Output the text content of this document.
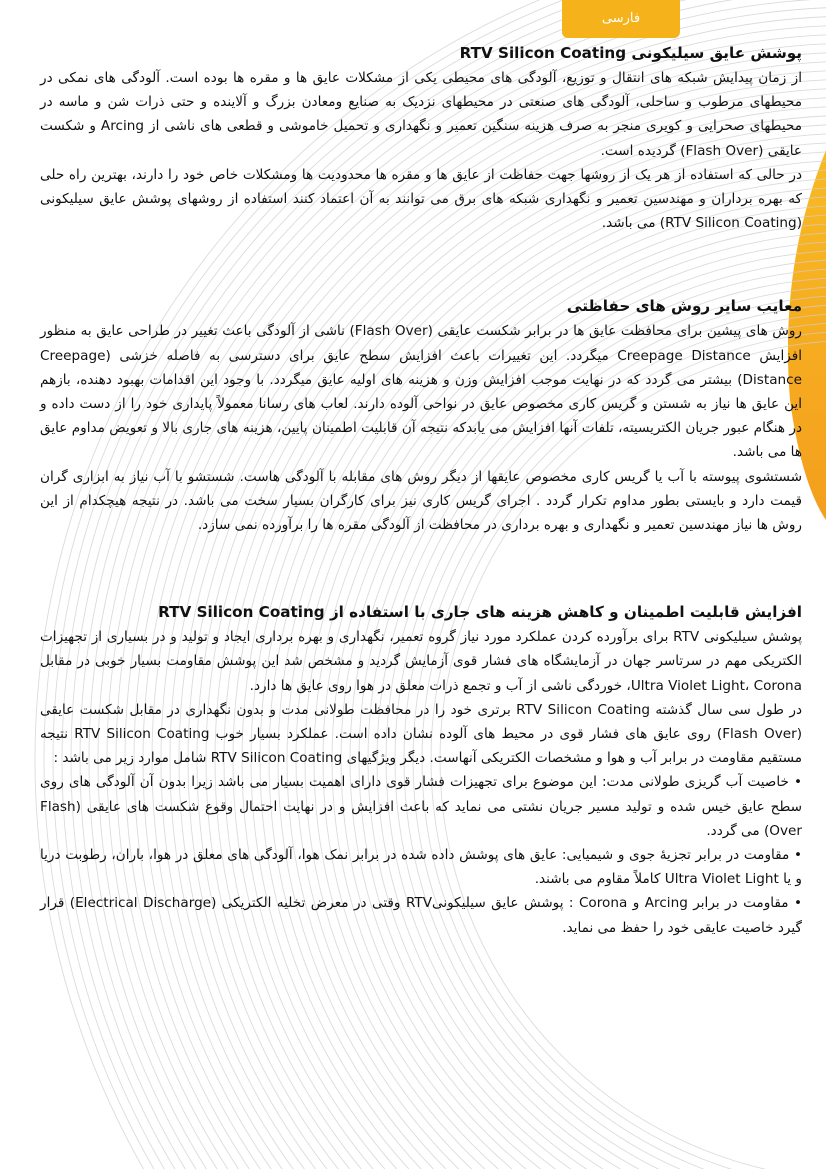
فارسی
پوشش عایق سیلیکونی RTV Silicon Coating

از زمان پیدایش شبکه های انتقال و توزیع، آلودگی های محیطی یکی از مشکلات عایق ها و مقره ها بوده است. آلودگی های نمکی در محیطهای مرطوب و ساحلی، آلودگی های صنعتی در محیطهای نزدیک به صنایع ومعادن بزرگ و آلاینده و حتی ذرات شن و ماسه در محیطهای صحرایی و کویری منجر به صرف هزینه سنگین تعمیر و نگهداری و تحمیل خاموشی و قطعی های ناشی از Arcing و شکست عایقی (Flash Over) گردیده است.

در حالی که استفاده از هر یک از روشها جهت حفاظت از عایق ها و مقره ها محدودیت ها ومشکلات خاص خود را دارند، بهترین راه حلی که بهره برداران و مهندسین تعمیر و نگهداری شبکه های برق می توانند به آن اعتماد کنند استفاده از روشهای پوشش عایق سیلیکونی (RTV Silicon Coating) می باشد.

معایب سایر روش های حفاظتی

روش های پیشین برای محافظت عایق ها در برابر شکست عایقی (Flash Over) ناشی از آلودگی باعث تغییر در طراحی عایق به منظور افزایش Creepage Distance میگردد. این تغییرات باعث افزایش سطح عایق برای دسترسی به فاصله خزشی (Creepage Distance) بیشتر می گردد که در نهایت موجب افزایش وزن و هزینه های اولیه عایق میگردد. با وجود این اقدامات بهبود دهنده، بازهم این عایق ها نیاز به شستن و گریس کاری مخصوص عایق در نواحی آلوده دارند. لعاب های رسانا معمولاً پایداری خود را از دست داده و در هنگام عبور جریان الکتریسیته، تلفات آنها افزایش می یابدکه نتیجه آن قابلیت اطمینان پایین، هزینه های جاری بالا و تعویض مداوم عایق ها می باشد.

شستشوی پیوسته با آب یا گریس کاری مخصوص عایقها از دیگر روش های مقابله با آلودگی هاست. شستشو با آب نیاز به ابزاری گران قیمت دارد و بایستی بطور مداوم تکرار گردد . اجرای گریس کاری نیز برای کارگران بسیار سخت می باشد. در نتیجه هیچکدام از این روش ها نیاز مهندسین تعمیر و نگهداری و بهره برداری در محافظت از آلودگی مقره ها را برآورده نمی سازد.

افزایش قابلیت اطمینان و کاهش هزینه های جاری با استفاده از RTV Silicon Coating

پوشش سیلیکونی RTV برای برآورده کردن عملکرد مورد نیاز گروه تعمیر، نگهداری و بهره برداری ایجاد و تولید و در بسیاری از تجهیزات الکتریکی مهم در سرتاسر جهان در آزمایشگاه های فشار قوی آزمایش گردید و مشخص شد این پوشش مقاومت بسیار خوبی در مقابل Ultra Violet Light، Corona، خوردگی ناشی از آب و تجمع ذرات معلق در هوا روی عایق ها دارد.

در طول سی سال گذشته RTV Silicon Coating برتری خود را در محافظت طولانی مدت و بدون نگهداری در مقابل شکست عایقی (Flash Over) روی عایق های فشار قوی در محیط های آلوده نشان داده است. عملکرد بسیار خوب RTV Silicon Coating نتیجه مستقیم مقاومت در برابر آب و هوا و مشخصات الکتریکی آنهاست. دیگر ویژگیهای RTV Silicon Coating شامل موارد زیر می باشد :

• خاصیت آب گریزی طولانی مدت: این موضوع برای تجهیزات فشار قوی دارای اهمیت بسیار می باشد زیرا بدون آن آلودگی های روی سطح عایق خیس شده و تولید مسیر جریان نشتی می نماید که باعث افزایش و در نهایت احتمال وقوع شکست های عایقی (Flash Over) می گردد.

• مقاومت در برابر تجزیۀ جوی و شیمیایی: عایق های پوشش داده شده در برابر نمک هوا، آلودگی های معلق در هوا، باران، رطوبت دریا و یا Ultra Violet Light کاملاً مقاوم می باشند.

• مقاومت در برابر Arcing و Corona : پوشش عایق سیلیکونیRTV وقتی در معرض تخلیه الکتریکی (Electrical Discharge) قرار گیرد خاصیت عایقی خود را حفظ می نماید.
